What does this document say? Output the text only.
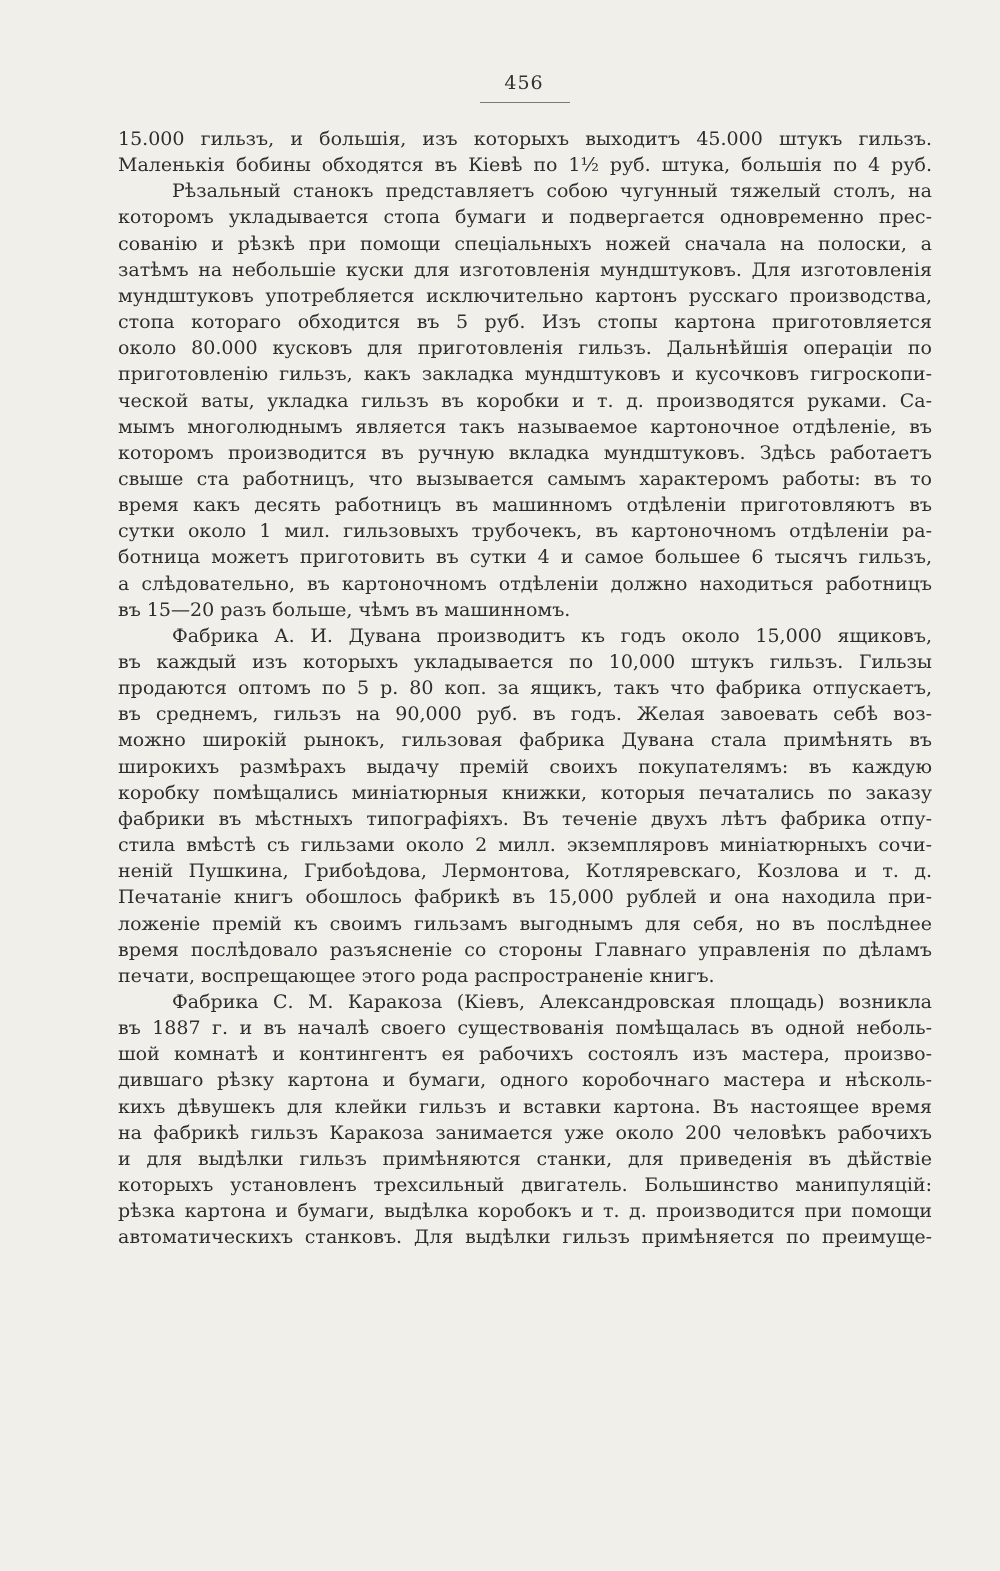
456
15.000 гильзъ, и большія, изъ которыхъ выходитъ 45.000 штукъ гильзъ.
Маленькія бобины обходятся въ Кіевѣ по 1½ руб. штука, большія по 4 руб.
Рѣзальный станокъ представляетъ собою чугунный тяжелый столъ, на
которомъ укладывается стопа бумаги и подвергается одновременно прес-
сованію и рѣзкѣ при помощи спеціальныхъ ножей сначала на полоски, а
затѣмъ на небольшіе куски для изготовленія мундштуковъ. Для изготовленія
мундштуковъ употребляется исключительно картонъ русскаго производства,
стопа котораго обходится въ 5 руб. Изъ стопы картона приготовляется
около 80.000 кусковъ для приготовленія гильзъ. Дальнѣйшія операціи по
приготовленію гильзъ, какъ закладка мундштуковъ и кусочковъ гигроскопи-
ческой ваты, укладка гильзъ въ коробки и т. д. производятся руками. Са-
мымъ многолюднымъ является такъ называемое картоночное отдѣленіе, въ
которомъ производится въ ручную вкладка мундштуковъ. Здѣсь работаетъ
свыше ста работницъ, что вызывается самымъ характеромъ работы: въ то
время какъ десять работницъ въ машинномъ отдѣленіи приготовляютъ въ
сутки около 1 мил. гильзовыхъ трубочекъ, въ картоночномъ отдѣленіи ра-
ботница можетъ приготовить въ сутки 4 и самое большее 6 тысячъ гильзъ,
а слѣдовательно, въ картоночномъ отдѣленіи должно находиться работницъ
въ 15—20 разъ больше, чѣмъ въ машинномъ.
Фабрика А. И. Дувана производитъ къ годъ около 15,000 ящиковъ,
въ каждый изъ которыхъ укладывается по 10,000 штукъ гильзъ. Гильзы
продаются оптомъ по 5 р. 80 коп. за ящикъ, такъ что фабрика отпускаетъ,
въ среднемъ, гильзъ на 90,000 руб. въ годъ. Желая завоевать себѣ воз-
можно широкій рынокъ, гильзовая фабрика Дувана стала примѣнять въ
широкихъ размѣрахъ выдачу премій своихъ покупателямъ: въ каждую
коробку помѣщались миніатюрныя книжки, которыя печатались по заказу
фабрики въ мѣстныхъ типографіяхъ. Въ теченіе двухъ лѣтъ фабрика отпу-
стила вмѣстѣ съ гильзами около 2 милл. экземпляровъ миніатюрныхъ сочи-
неній Пушкина, Грибоѣдова, Лермонтова, Котляревскаго, Козлова и т. д.
Печатаніе книгъ обошлось фабрикѣ въ 15,000 рублей и она находила при-
ложеніе премій къ своимъ гильзамъ выгоднымъ для себя, но въ послѣднее
время послѣдовало разъясненіе со стороны Главнаго управленія по дѣламъ
печати, воспрещающее этого рода распространеніе книгъ.
Фабрика С. М. Каракоза (Кіевъ, Александровская площадь) возникла
въ 1887 г. и въ началѣ своего существованія помѣщалась въ одной неболь-
шой комнатѣ и контингентъ ея рабочихъ состоялъ изъ мастера, произво-
дившаго рѣзку картона и бумаги, одного коробочнаго мастера и нѣсколь-
кихъ дѣвушекъ для клейки гильзъ и вставки картона. Въ настоящее время
на фабрикѣ гильзъ Каракоза занимается уже около 200 человѣкъ рабочихъ
и для выдѣлки гильзъ примѣняются станки, для приведенія въ дѣйствіе
которыхъ установленъ трехсильный двигатель. Большинство манипуляцій:
рѣзка картона и бумаги, выдѣлка коробокъ и т. д. производится при помощи
автоматическихъ станковъ. Для выдѣлки гильзъ примѣняется по преимуще-
